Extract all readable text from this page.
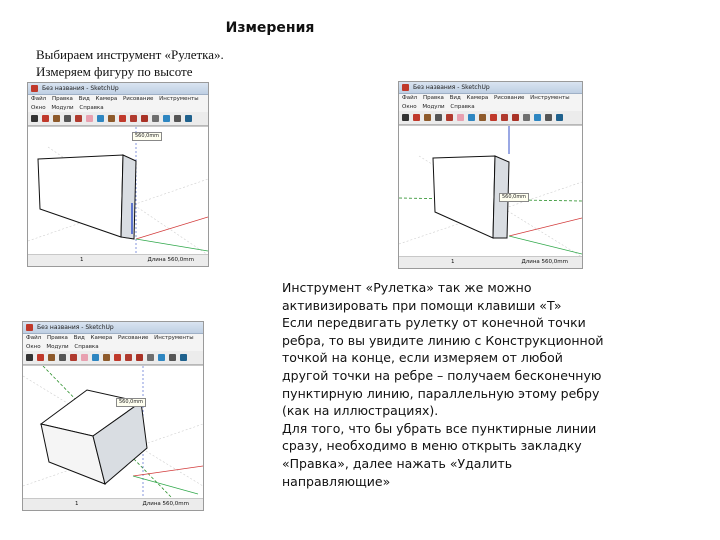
Измерения
Выбираем инструмент «Рулетка».
Измеряем фигуру по высоте
Без названия - SketchUp
Файл Правка Вид Камера Рисование Инструменты
Окно Модули Справка
560,0mm
1	Длина 560,0mm
Без названия - SketchUp
Файл Правка Вид Камера Рисование Инструменты
Окно Модули Справка
560,0mm
1	Длина 560,0mm
Без названия - SketchUp
Файл Правка Вид Камера Рисование Инструменты
Окно Модули Справка
560,0mm
1	Длина 560,0mm

Инструмент «Рулетка» так же можно активизировать при помощи клавиши «T»

Если передвигать рулетку от конечной точки ребра, то вы увидите линию с Конструкционной точкой на конце, если измеряем от любой другой точки на ребре – получаем бесконечную пунктирную линию, параллельную этому ребру (как на иллюстрациях).

Для того, что бы убрать все пунктирные линии сразу, необходимо в меню открыть закладку «Правка», далее нажать «Удалить направляющие»
